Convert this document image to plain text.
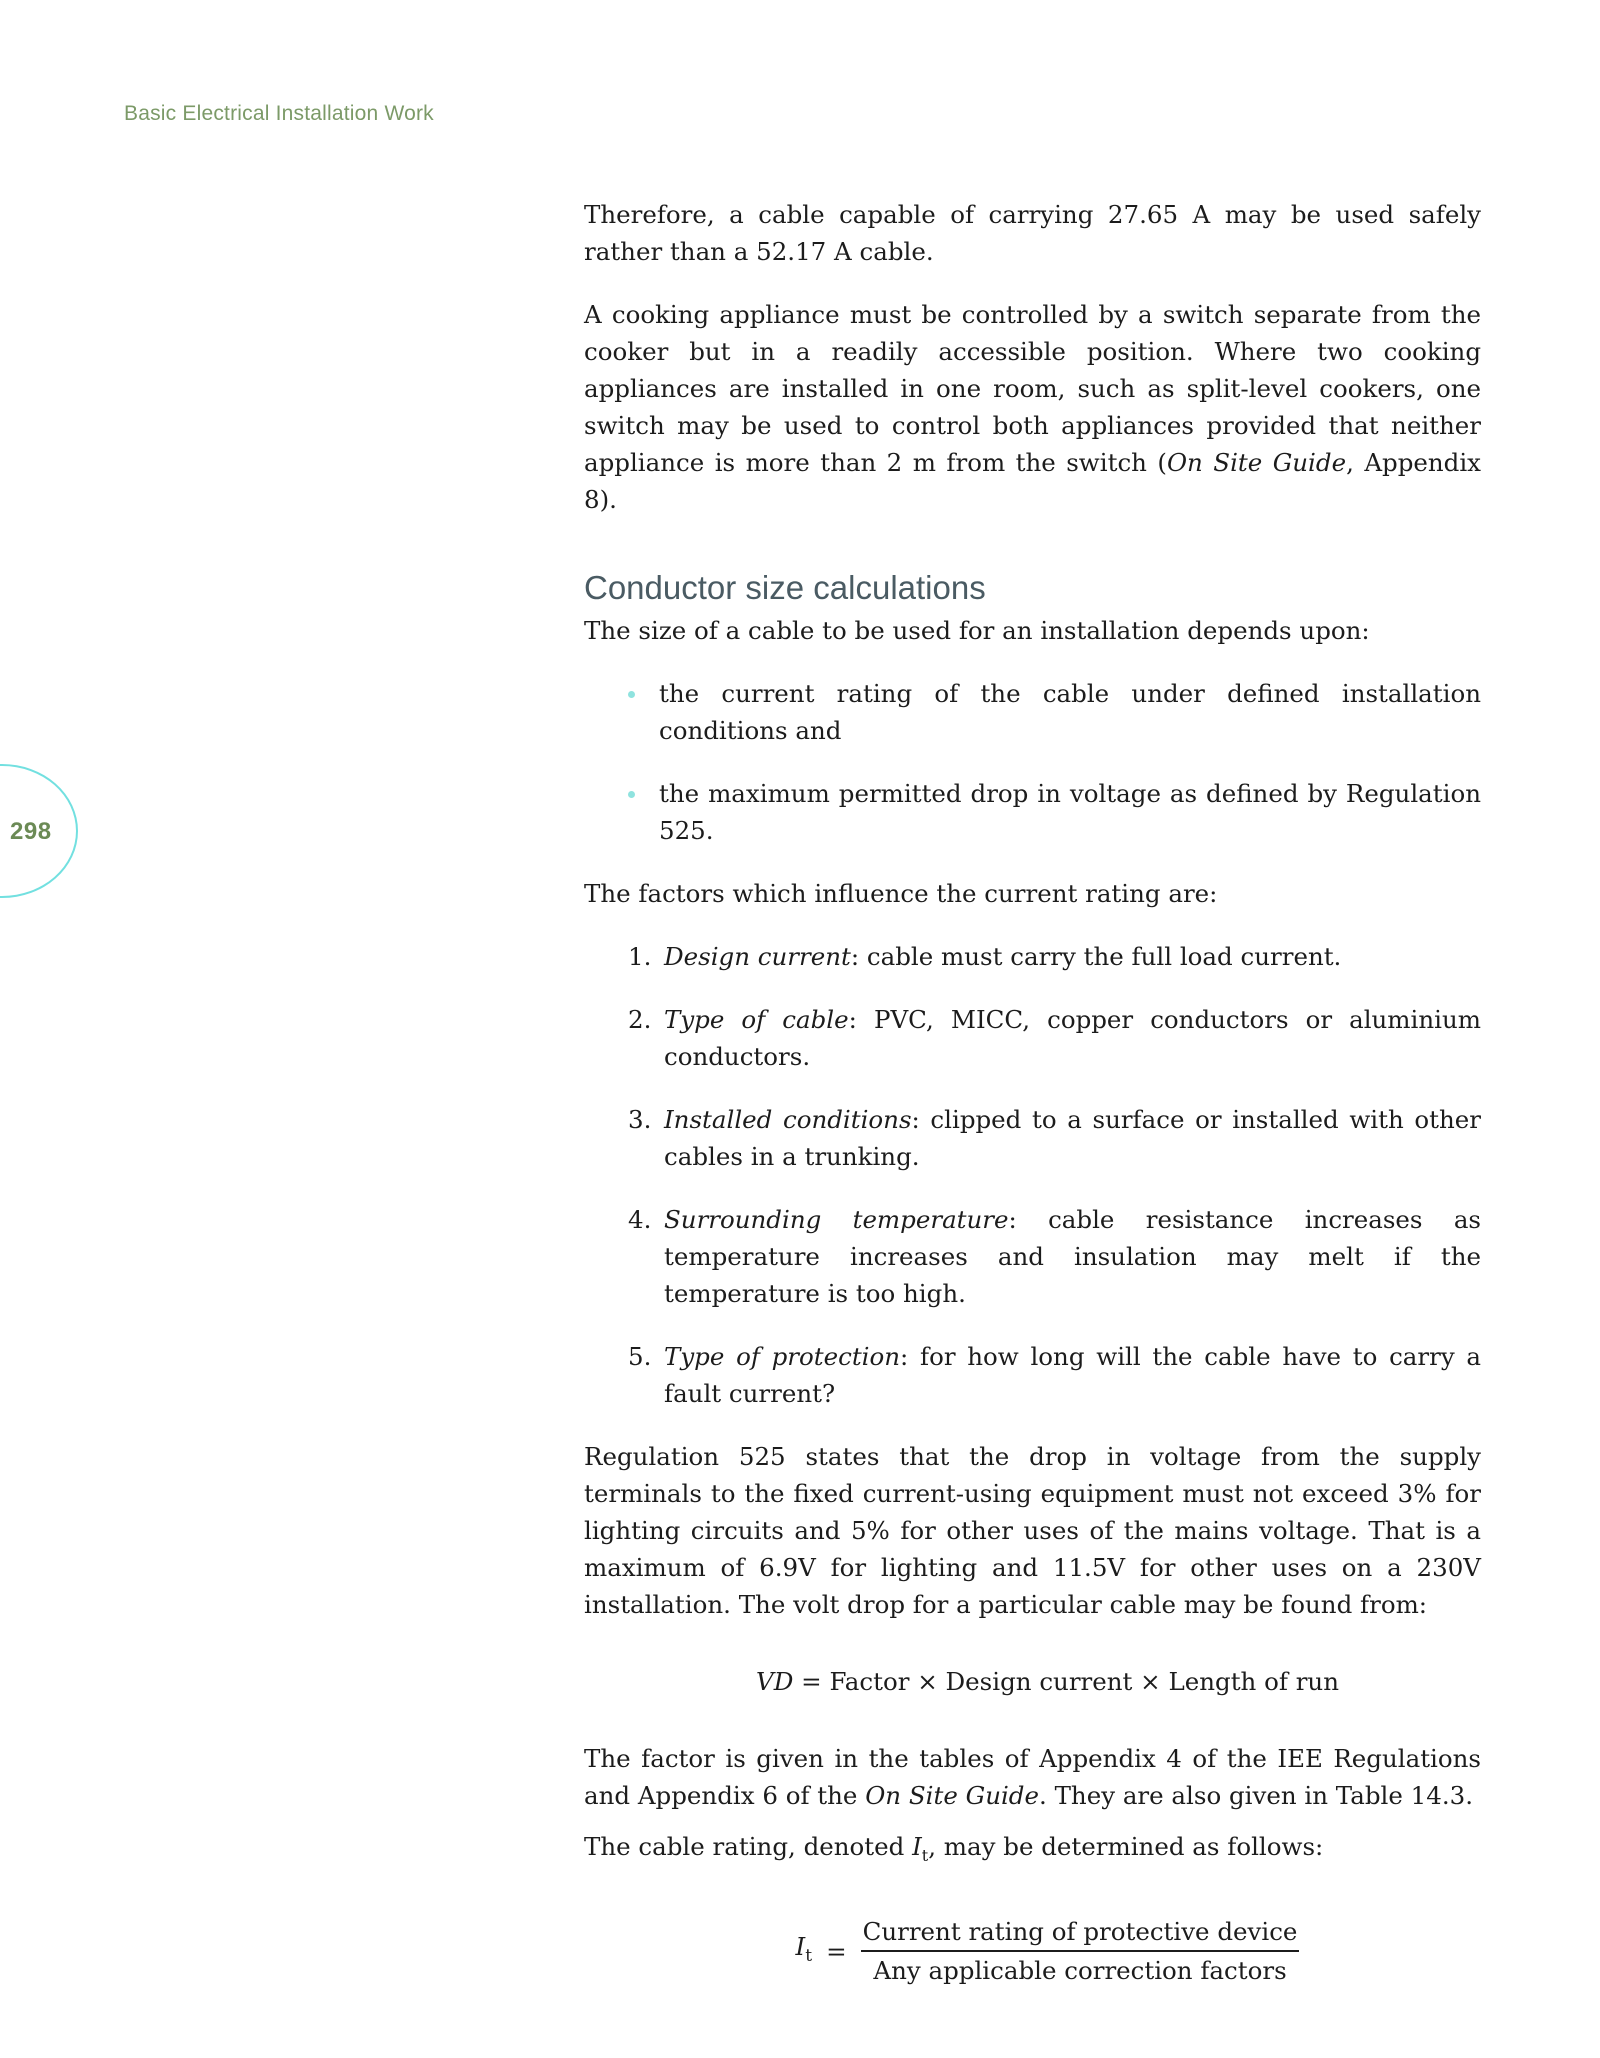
Basic Electrical Installation Work
298

Therefore, a cable capable of carrying 27.65 A may be used safely rather than a 52.17 A cable.

A cooking appliance must be controlled by a switch separate from the cooker but in a readily accessible position. Where two cooking appliances are installed in one room, such as split-level cookers, one switch may be used to control both appliances provided that neither appliance is more than 2 m from the switch (On Site Guide, Appendix 8).

Conductor size calculations

The size of a cable to be used for an installation depends upon:

the current rating of the cable under defined installation conditions and
the maximum permitted drop in voltage as defined by Regulation 525.

The factors which influence the current rating are:

1. Design current: cable must carry the full load current.
2. Type of cable: PVC, MICC, copper conductors or aluminium conductors.
3. Installed conditions: clipped to a surface or installed with other cables in a trunking.
4. Surrounding temperature: cable resistance increases as temperature increases and insulation may melt if the temperature is too high.
5. Type of protection: for how long will the cable have to carry a fault current?

Regulation 525 states that the drop in voltage from the supply terminals to the fixed current-using equipment must not exceed 3% for lighting circuits and 5% for other uses of the mains voltage. That is a maximum of 6.9V for lighting and 11.5V for other uses on a 230V installation. The volt drop for a particular cable may be found from:

VD = Factor × Design current × Length of run

The factor is given in the tables of Appendix 4 of the IEE Regulations and Appendix 6 of the On Site Guide. They are also given in Table 14.3.

The cable rating, denoted $I_t$, may be determined as follows:

$I_t = \frac{\text{Current rating of protective device}}{\text{Any applicable correction factors}}$
